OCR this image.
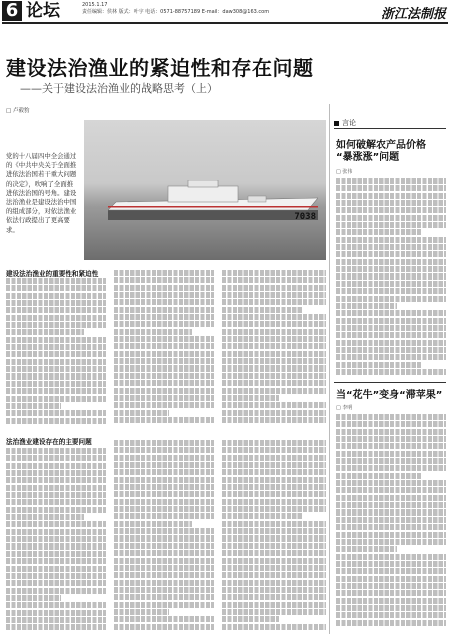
6 论坛	2015.1.17
责任编辑：侯林 版式：叶宇 电话：0571-88757189 E-mail：daw308@163.com	浙江法制报
建设法治渔业的紧迫性和存在问题
——关于建设法治渔业的战略思考（上）
□ 卢毅豹
党的十八届四中全会通过的《中共中央关于全面推进依法治国若干重大问题的决定》，吹响了全面推进依法治国的号角。建设法治渔业是建设法治中国的组成部分，对依法渔业依法行政提出了更高要求。
7038
建设法治渔业的重要性和紧迫性
法治渔业建设存在的主要问题
言论
如何破解农产品价格
“暴涨涨”问题
□ 张伟
当“花牛”变身“滞苹果”
□ 李明
